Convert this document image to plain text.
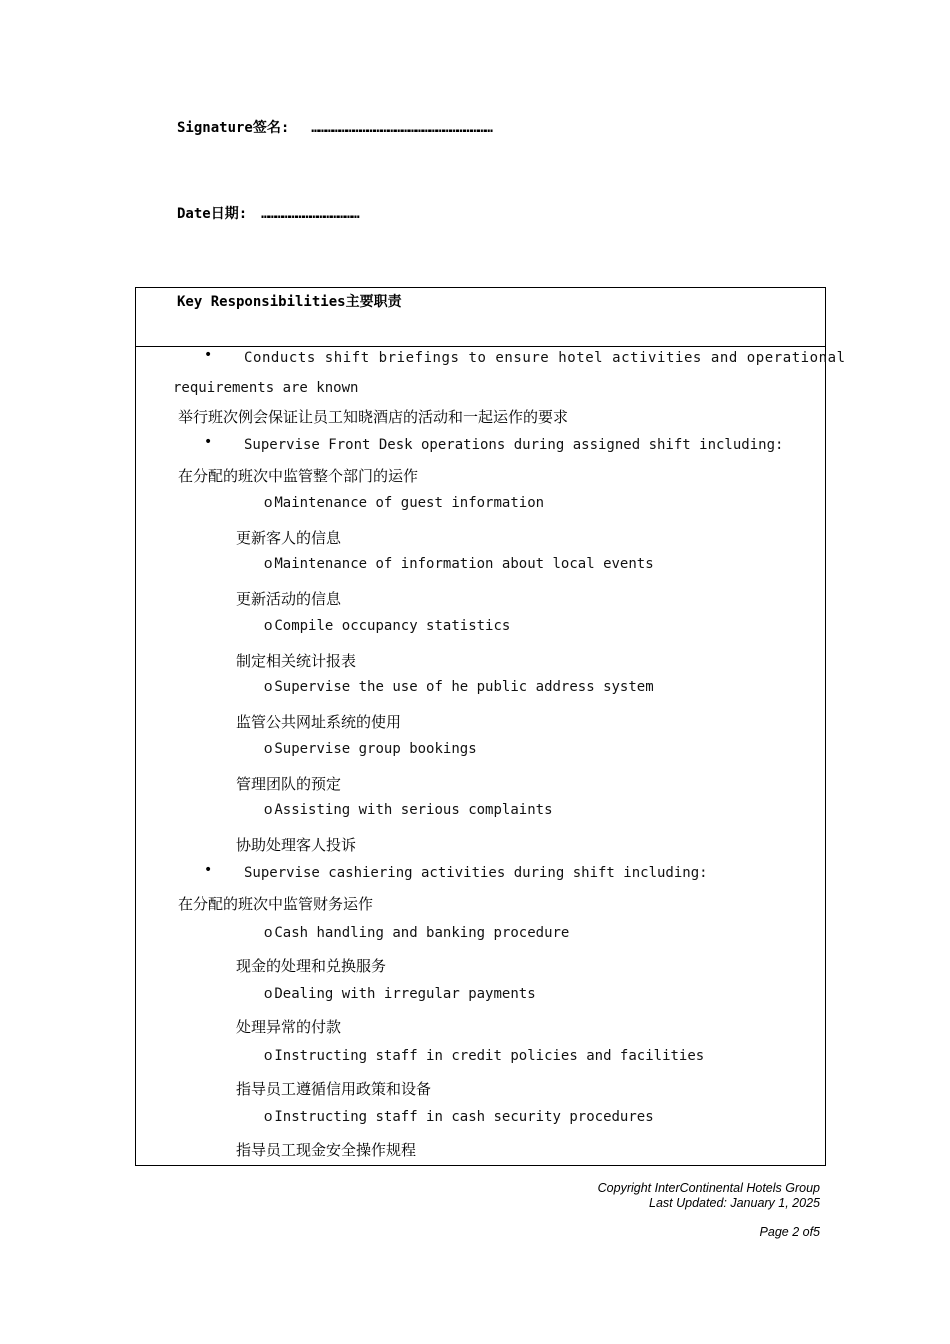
Signature签名: ……………………………………………………………………
Date日期: ……………………………………
Key Responsibilities主要职责
• Conducts shift briefings to ensure hotel activities and operational
requirements are known
举行班次例会保证让员工知晓酒店的活动和一起运作的要求
• Supervise Front Desk operations during assigned shift including:
在分配的班次中监管整个部门的运作
o Maintenance of guest information
更新客人的信息
o Maintenance of information about local events
更新活动的信息
o Compile occupancy statistics
制定相关统计报表
o Supervise the use of he public address system
监管公共网址系统的使用
o Supervise group bookings
管理团队的预定
o Assisting with serious complaints
协助处理客人投诉
• Supervise cashiering activities during shift including:
在分配的班次中监管财务运作
o Cash handling and banking procedure
现金的处理和兑换服务
o Dealing with irregular payments
处理异常的付款
o Instructing staff in credit policies and facilities
指导员工遵循信用政策和设备
o Instructing staff in cash security procedures
指导员工现金安全操作规程
Copyright InterContinental Hotels Group
Last Updated: January 1, 2025
Page 2 of5
